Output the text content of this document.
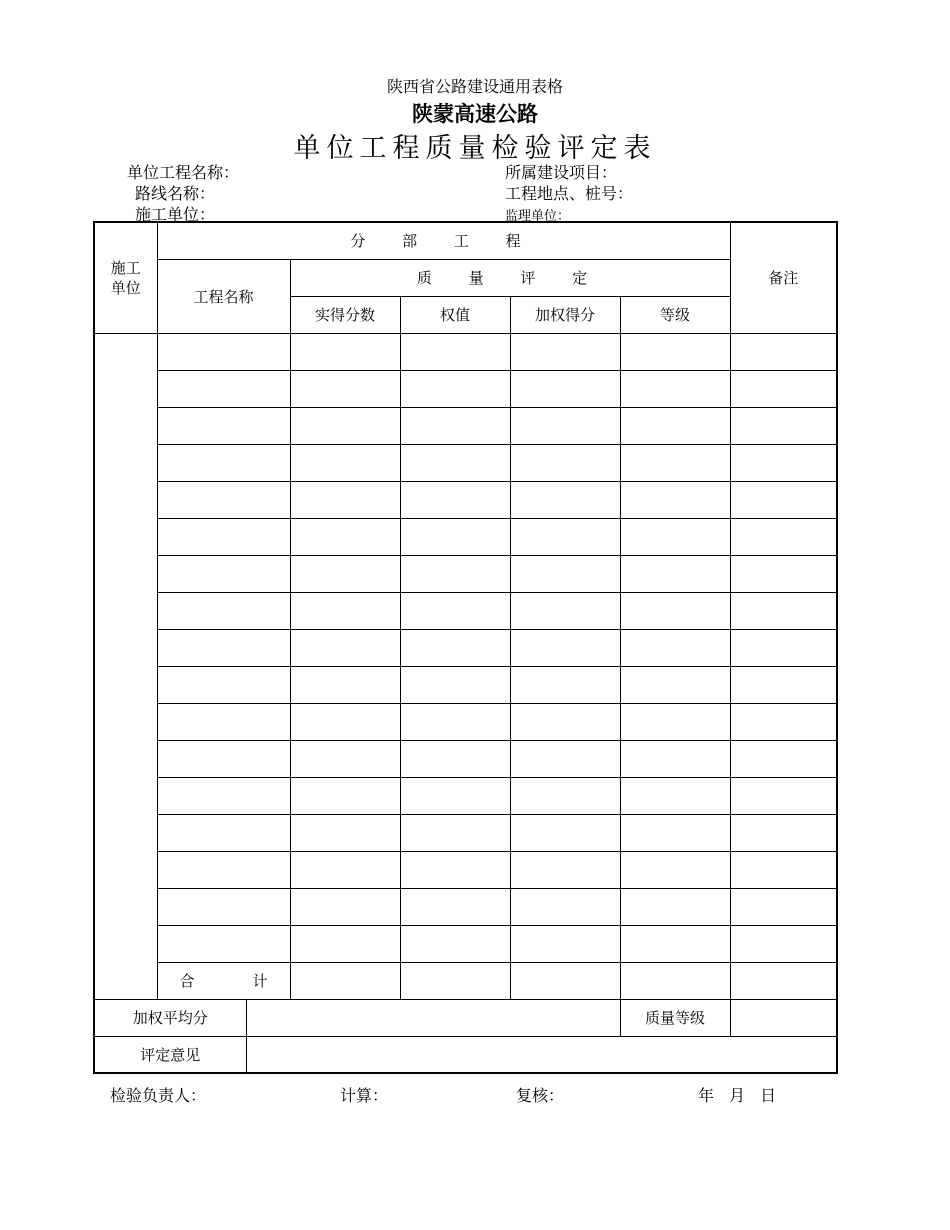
陕西省公路建设通用表格
陕蒙高速公路
单位工程质量检验评定表
单位工程名称：
路线名称：
施工单位：
所属建设项目：
工程地点、桩号：
监理单位：
施工单位	分 部 工 程						备注
	工程名称		质 量 评 定				
			实得分数	权值	加权得分	等级	

	合 计						
加权平均分						质量等级	
评定意见							
检验负责人：	计算：	复核：	年 月 日
